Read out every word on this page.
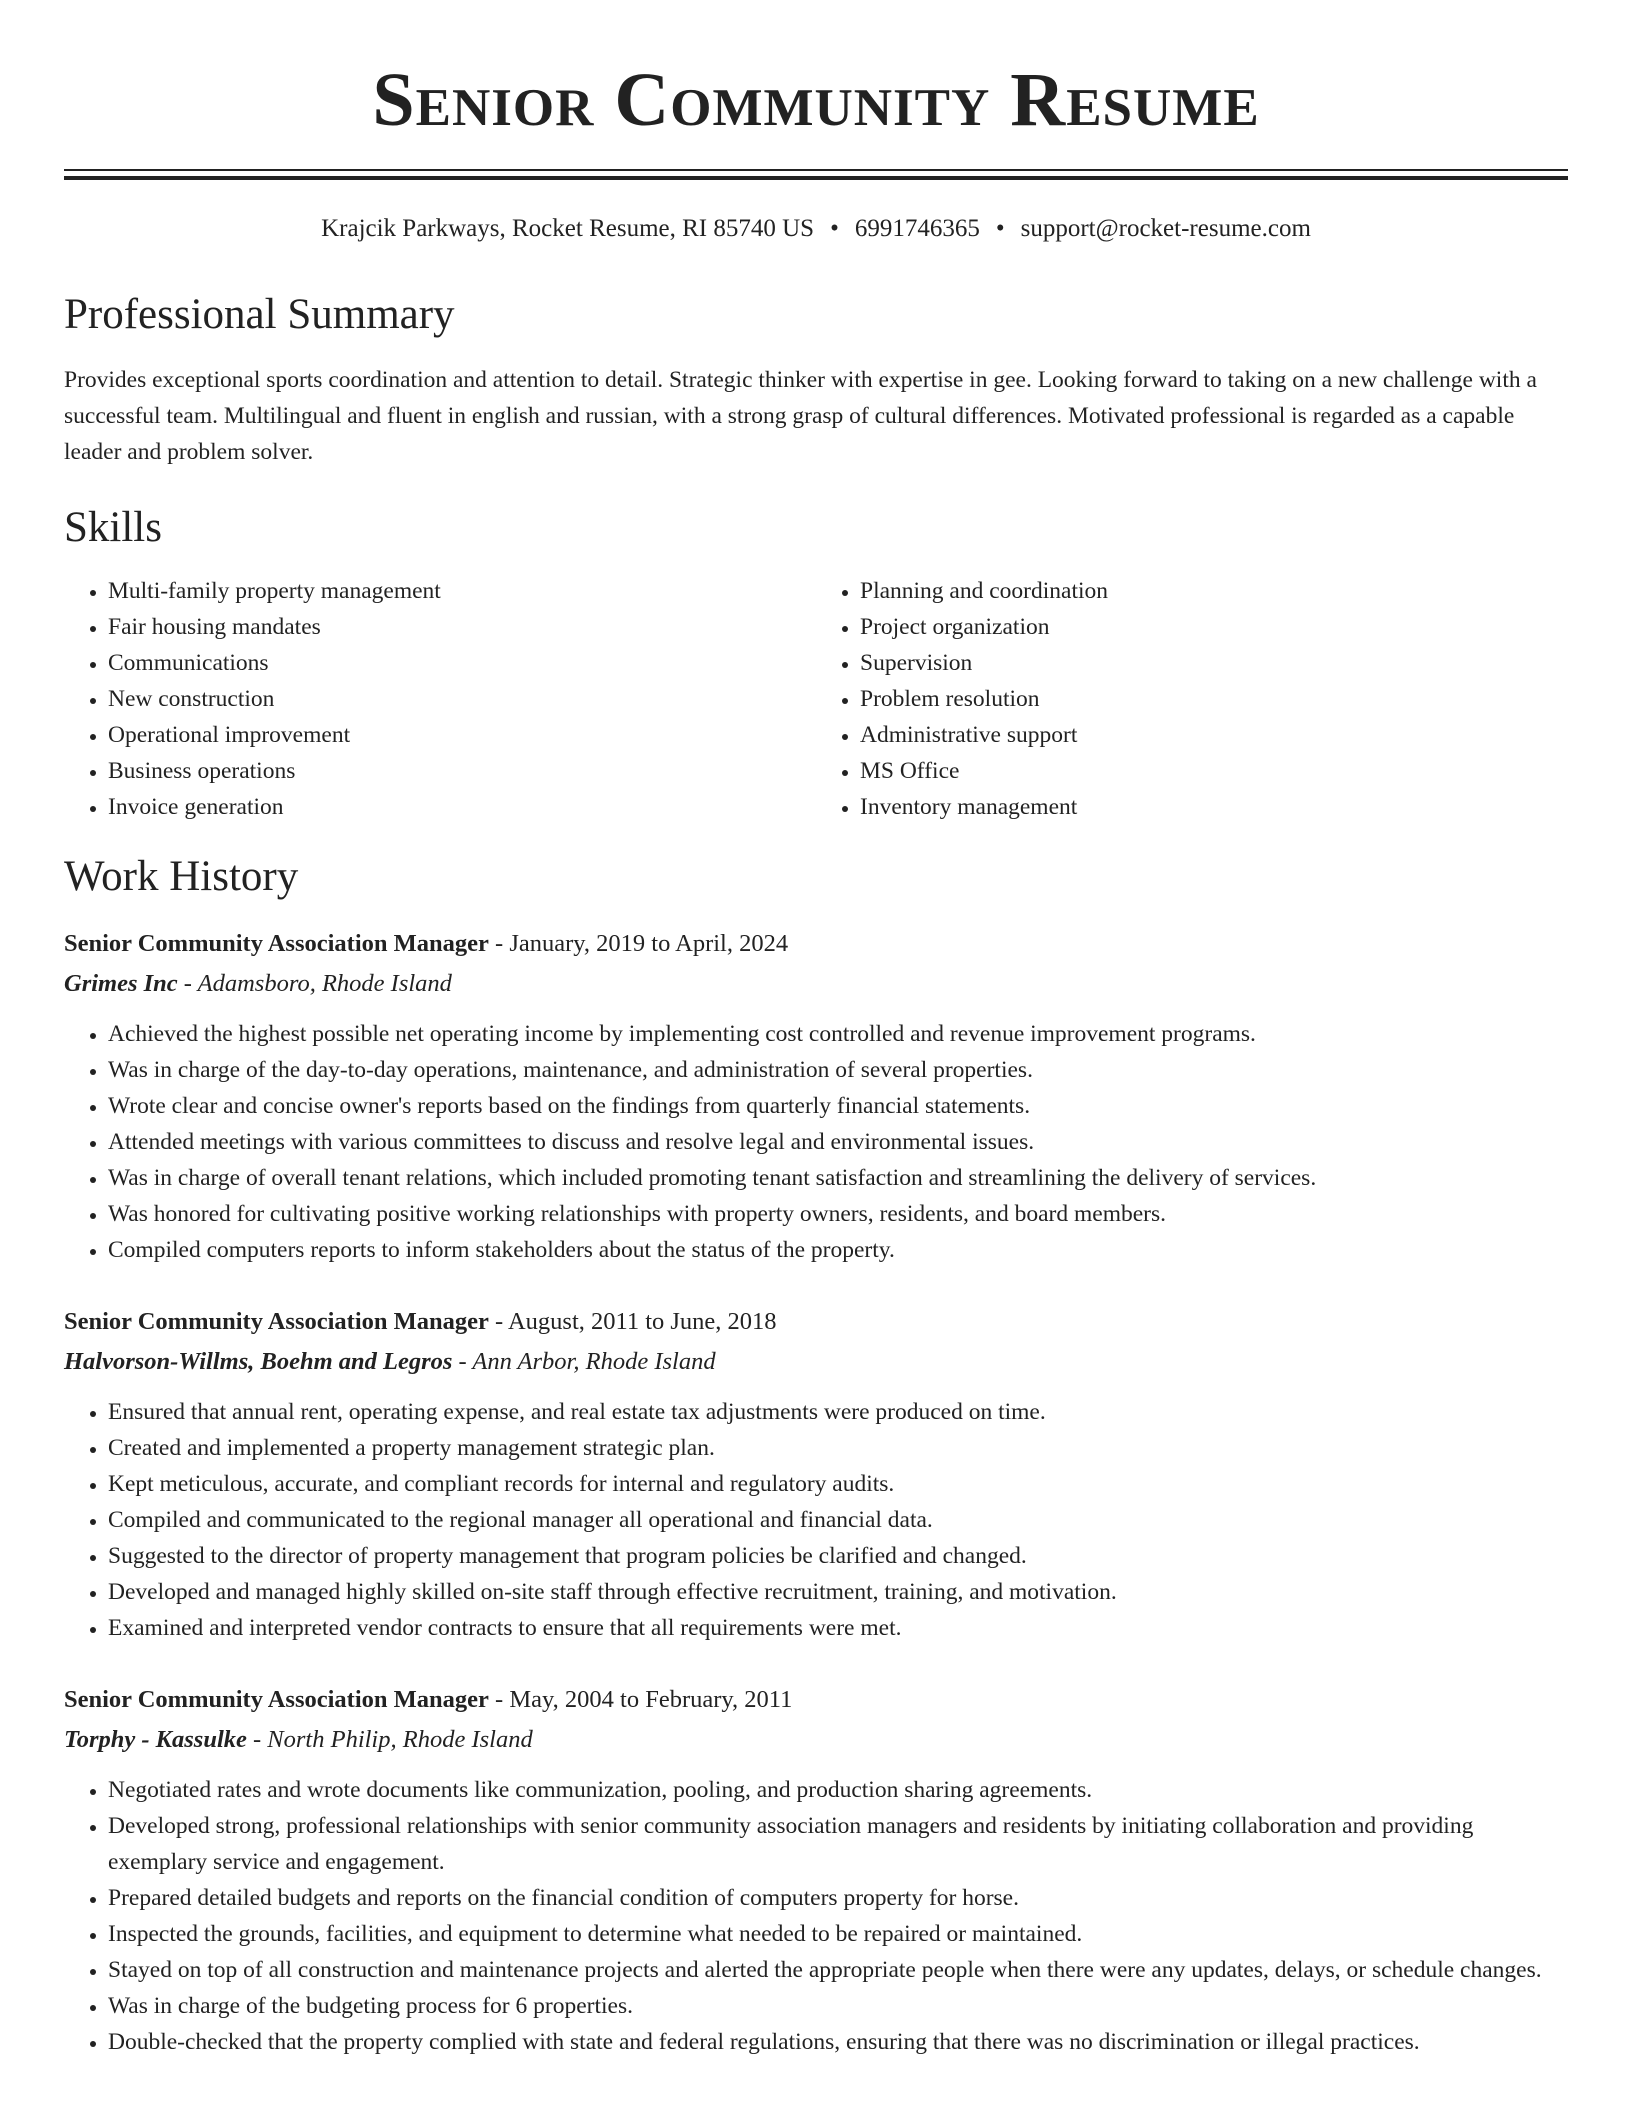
Senior Community Resume
Krajcik Parkways, Rocket Resume, RI 85740 US • 6991746365 • support@rocket-resume.com
Professional Summary
Provides exceptional sports coordination and attention to detail. Strategic thinker with expertise in gee. Looking forward to taking on a new challenge with a successful team. Multilingual and fluent in english and russian, with a strong grasp of cultural differences. Motivated professional is regarded as a capable leader and problem solver.
Skills
• Multi-family property management
• Fair housing mandates
• Communications
• New construction
• Operational improvement
• Business operations
• Invoice generation
• Planning and coordination
• Project organization
• Supervision
• Problem resolution
• Administrative support
• MS Office
• Inventory management
Work History
Senior Community Association Manager - January, 2019 to April, 2024
Grimes Inc - Adamsboro, Rhode Island
• Achieved the highest possible net operating income by implementing cost controlled and revenue improvement programs.
• Was in charge of the day-to-day operations, maintenance, and administration of several properties.
• Wrote clear and concise owner's reports based on the findings from quarterly financial statements.
• Attended meetings with various committees to discuss and resolve legal and environmental issues.
• Was in charge of overall tenant relations, which included promoting tenant satisfaction and streamlining the delivery of services.
• Was honored for cultivating positive working relationships with property owners, residents, and board members.
• Compiled computers reports to inform stakeholders about the status of the property.
Senior Community Association Manager - August, 2011 to June, 2018
Halvorson-Willms, Boehm and Legros - Ann Arbor, Rhode Island
• Ensured that annual rent, operating expense, and real estate tax adjustments were produced on time.
• Created and implemented a property management strategic plan.
• Kept meticulous, accurate, and compliant records for internal and regulatory audits.
• Compiled and communicated to the regional manager all operational and financial data.
• Suggested to the director of property management that program policies be clarified and changed.
• Developed and managed highly skilled on-site staff through effective recruitment, training, and motivation.
• Examined and interpreted vendor contracts to ensure that all requirements were met.
Senior Community Association Manager - May, 2004 to February, 2011
Torphy - Kassulke - North Philip, Rhode Island
• Negotiated rates and wrote documents like communization, pooling, and production sharing agreements.
• Developed strong, professional relationships with senior community association managers and residents by initiating collaboration and providing exemplary service and engagement.
• Prepared detailed budgets and reports on the financial condition of computers property for horse.
• Inspected the grounds, facilities, and equipment to determine what needed to be repaired or maintained.
• Stayed on top of all construction and maintenance projects and alerted the appropriate people when there were any updates, delays, or schedule changes.
• Was in charge of the budgeting process for 6 properties.
• Double-checked that the property complied with state and federal regulations, ensuring that there was no discrimination or illegal practices.
